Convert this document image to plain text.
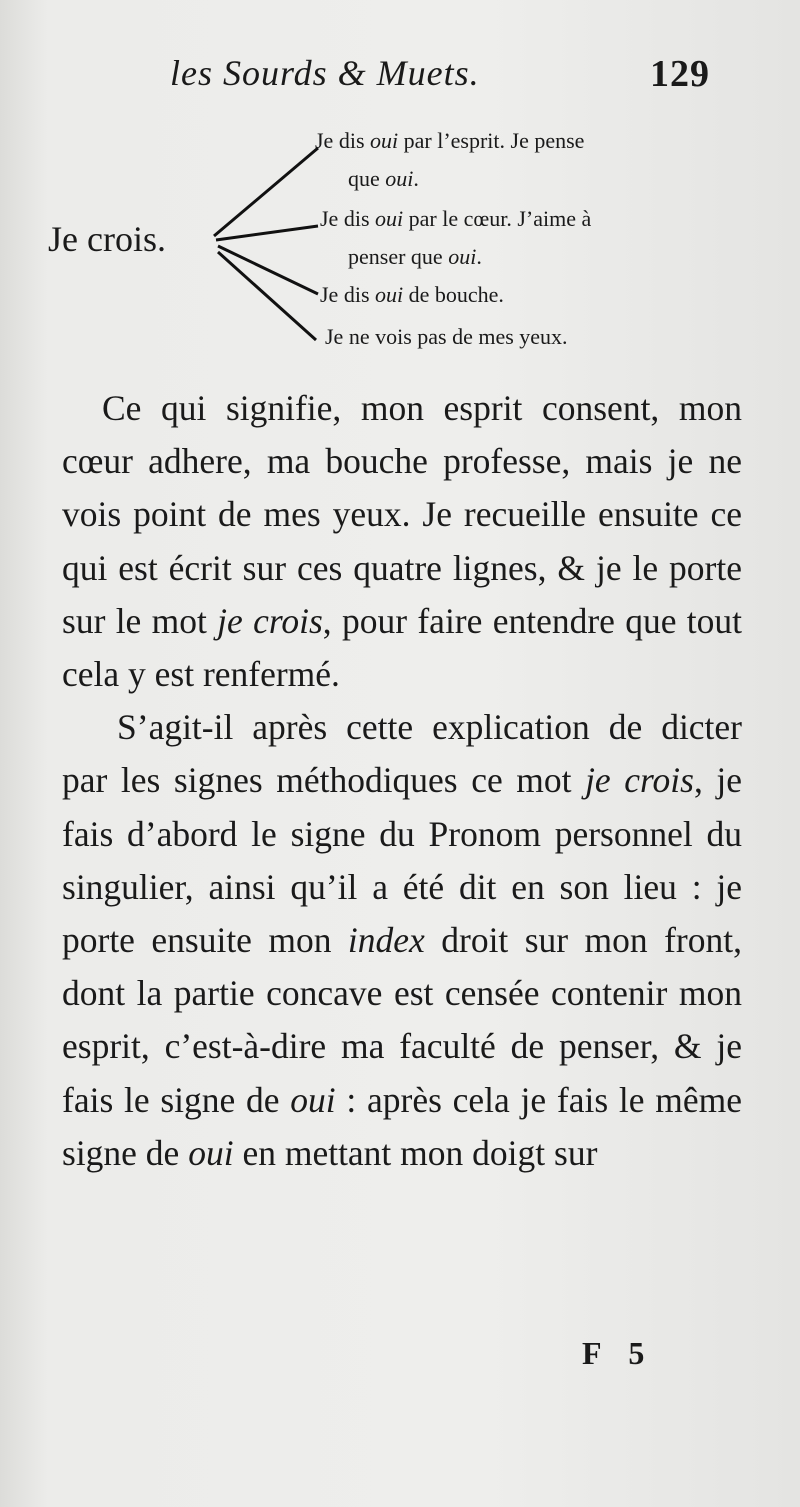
les Sourds & Muets.	129
Je crois.
Je dis oui par l’esprit. Je pense
que oui.
Je dis oui par le cœur. J’aime à
penser que oui.
Je dis oui de bouche.
Je ne vois pas de mes yeux.

Ce qui signifie, mon esprit consent, mon cœur adhere, ma bouche professe, mais je ne vois point de mes yeux. Je recueille ensuite ce qui est écrit sur ces quatre lignes, & je le porte sur le mot je crois, pour faire entendre que tout cela y est renfermé.

S’agit-il après cette explication de dicter par les signes méthodiques ce mot je crois, je fais d’abord le signe du Pronom personnel du singulier, ainsi qu’il a été dit en son lieu : je porte ensuite mon index droit sur mon front, dont la partie concave est censée contenir mon esprit, c’est-à-dire ma faculté de penser, & je fais le signe de oui : après cela je fais le même signe de oui en mettant mon doigt sur

F 5
